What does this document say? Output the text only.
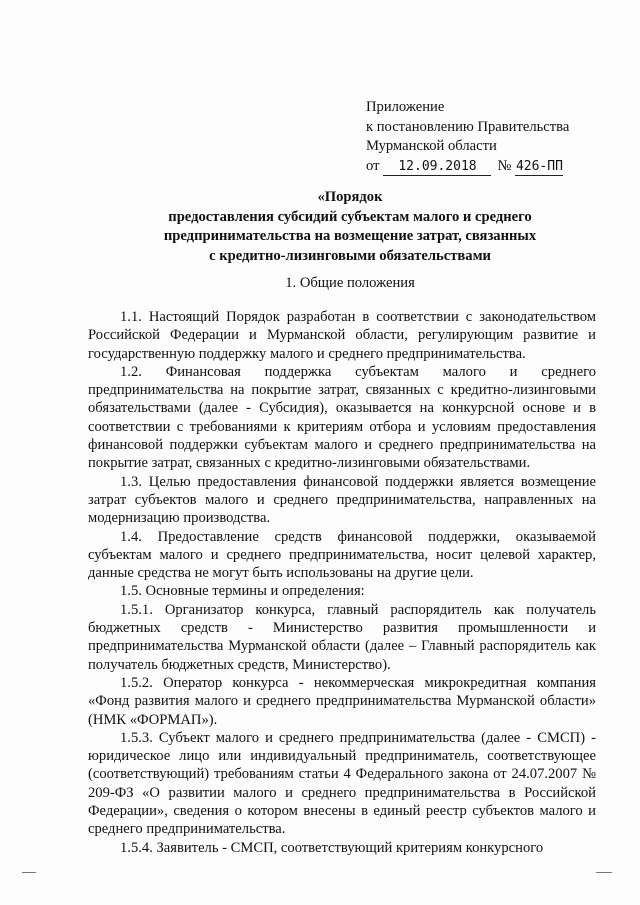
Приложение
к постановлению Правительства
Мурманской области
от 12.09.2018 № 426-ПП
«Порядок
предоставления субсидий субъектам малого и среднего
предпринимательства на возмещение затрат, связанных
с кредитно-лизинговыми обязательствами
1. Общие положения

1.1. Настоящий Порядок разработан в соответствии с законодательством Российской Федерации и Мурманской области, регулирующим развитие и государственную поддержку малого и среднего предпринимательства.

1.2. Финансовая поддержка субъектам малого и среднего предпринимательства на покрытие затрат, связанных с кредитно-лизинговыми обязательствами (далее - Субсидия), оказывается на конкурсной основе и в соответствии с требованиями к критериям отбора и условиям предоставления финансовой поддержки субъектам малого и среднего предпринимательства на покрытие затрат, связанных с кредитно-лизинговыми обязательствами.

1.3. Целью предоставления финансовой поддержки является возмещение затрат субъектов малого и среднего предпринимательства, направленных на модернизацию производства.

1.4. Предоставление средств финансовой поддержки, оказываемой субъектам малого и среднего предпринимательства, носит целевой характер, данные средства не могут быть использованы на другие цели.

1.5. Основные термины и определения:

1.5.1. Организатор конкурса, главный распорядитель как получатель бюджетных средств - Министерство развития промышленности и предпринимательства Мурманской области (далее – Главный распорядитель как получатель бюджетных средств, Министерство).

1.5.2. Оператор конкурса - некоммерческая микрокредитная компания «Фонд развития малого и среднего предпринимательства Мурманской области» (НМК «ФОРМАП»).

1.5.3. Субъект малого и среднего предпринимательства (далее - СМСП) - юридическое лицо или индивидуальный предприниматель, соответствующее (соответствующий) требованиям статьи 4 Федерального закона от 24.07.2007 № 209-ФЗ «О развитии малого и среднего предпринимательства в Российской Федерации», сведения о котором внесены в единый реестр субъектов малого и среднего предпринимательства.

1.5.4. Заявитель - СМСП, соответствующий критериям конкурсного
